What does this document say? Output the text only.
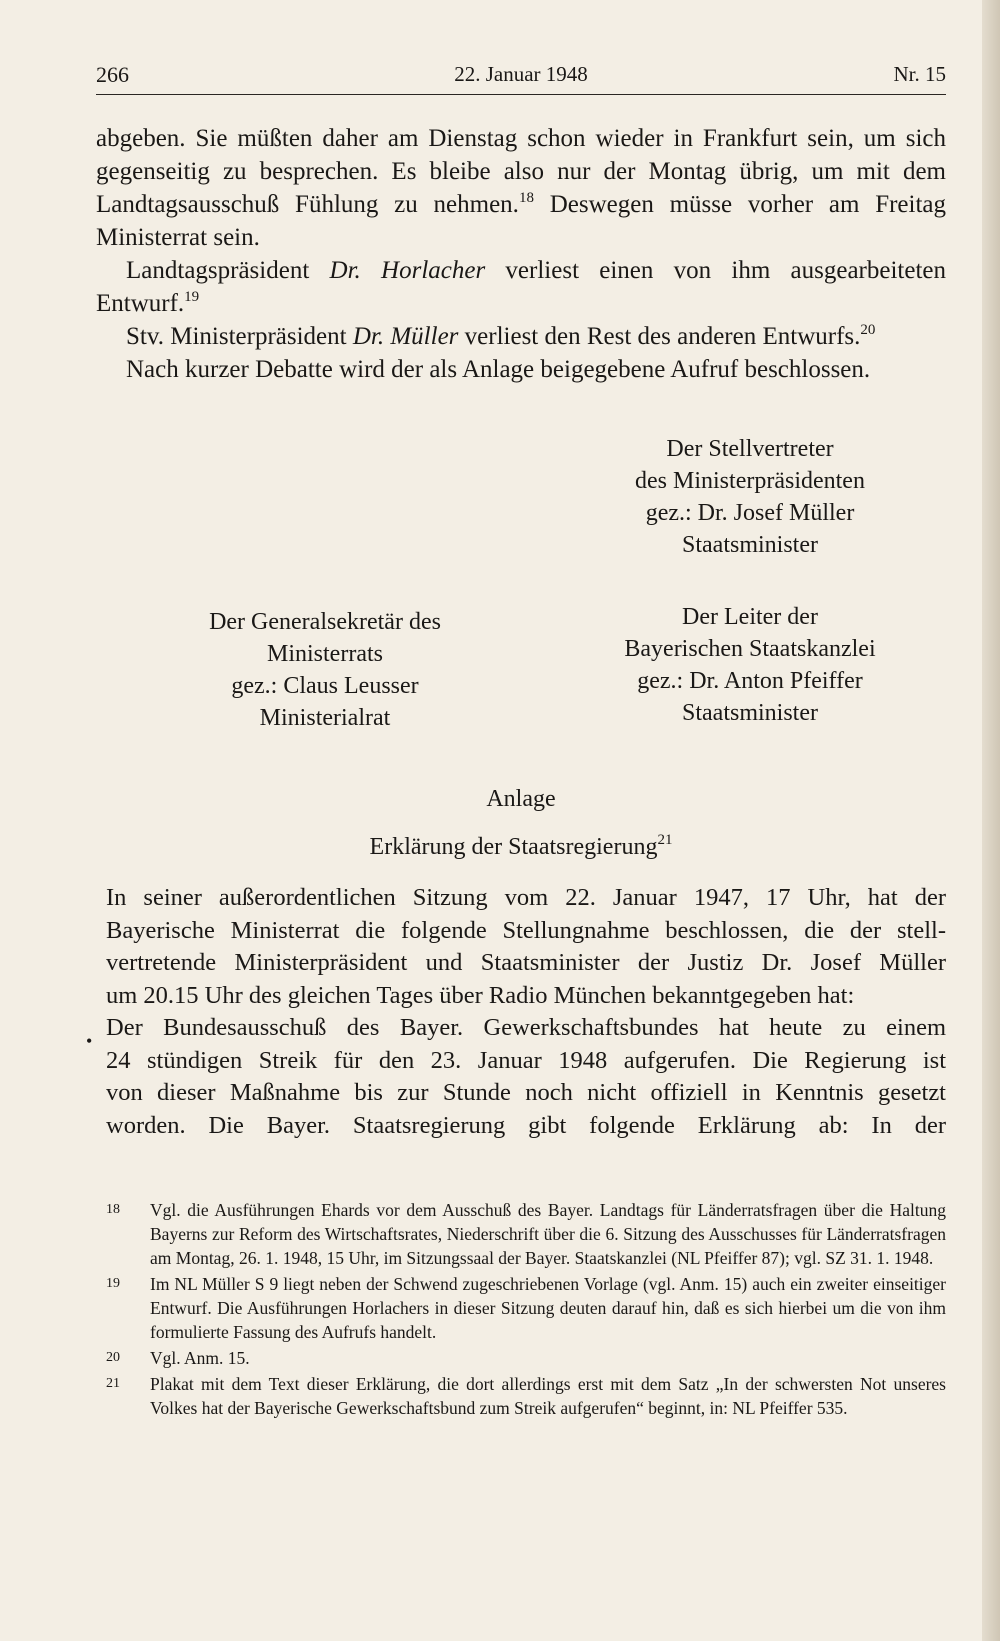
266	22. Januar 1948	Nr. 15

abgeben. Sie müßten daher am Dienstag schon wieder in Frankfurt sein, um sich gegenseitig zu besprechen. Es bleibe also nur der Montag übrig, um mit dem Landtagsausschuß Fühlung zu nehmen.$^{18}$ Deswegen müsse vorher am Freitag Ministerrat sein.

Landtagspräsident Dr. Horlacher verliest einen von ihm ausgearbeiteten Entwurf.$^{19}$

Stv. Ministerpräsident Dr. Müller verliest den Rest des anderen Entwurfs.$^{20}$

Nach kurzer Debatte wird der als Anlage beigegebene Aufruf beschlossen.

Der Stellvertreter
des Ministerpräsidenten
gez.: Dr. Josef Müller
Staatsminister
Der Generalsekretär des
Ministerrats
gez.: Claus Leusser
Ministerialrat
Der Leiter der
Bayerischen Staatskanzlei
gez.: Dr. Anton Pfeiffer
Staatsminister
Anlage
Erklärung der Staatsregierung$^{21}$
•

In seiner außerordentlichen Sitzung vom 22. Januar 1947, 17 Uhr, hat der

Bayerische Ministerrat die folgende Stellungnahme beschlossen, die der stell-

vertretende Ministerpräsident und Staatsminister der Justiz Dr. Josef Müller

um 20.15 Uhr des gleichen Tages über Radio München bekanntgegeben hat:

Der Bundesausschuß des Bayer. Gewerkschaftsbundes hat heute zu einem

24 stündigen Streik für den 23. Januar 1948 aufgerufen. Die Regierung ist

von dieser Maßnahme bis zur Stunde noch nicht offiziell in Kenntnis gesetzt

worden. Die Bayer. Staatsregierung gibt folgende Erklärung ab: In der

18 Vgl. die Ausführungen Ehards vor dem Ausschuß des Bayer. Landtags für Länderratsfragen über die Haltung Bayerns zur Reform des Wirtschaftsrates, Niederschrift über die 6. Sitzung des Ausschusses für Länderratsfragen am Montag, 26. 1. 1948, 15 Uhr, im Sitzungssaal der Bayer. Staatskanzlei (NL Pfeiffer 87); vgl. SZ 31. 1. 1948.
19 Im NL Müller S 9 liegt neben der Schwend zugeschriebenen Vorlage (vgl. Anm. 15) auch ein zweiter einseitiger Entwurf. Die Ausführungen Horlachers in dieser Sitzung deuten darauf hin, daß es sich hierbei um die von ihm formulierte Fassung des Aufrufs handelt.
20 Vgl. Anm. 15.
21 Plakat mit dem Text dieser Erklärung, die dort allerdings erst mit dem Satz „In der schwersten Not unseres Volkes hat der Bayerische Gewerkschaftsbund zum Streik aufgerufen“ beginnt, in: NL Pfeiffer 535.
